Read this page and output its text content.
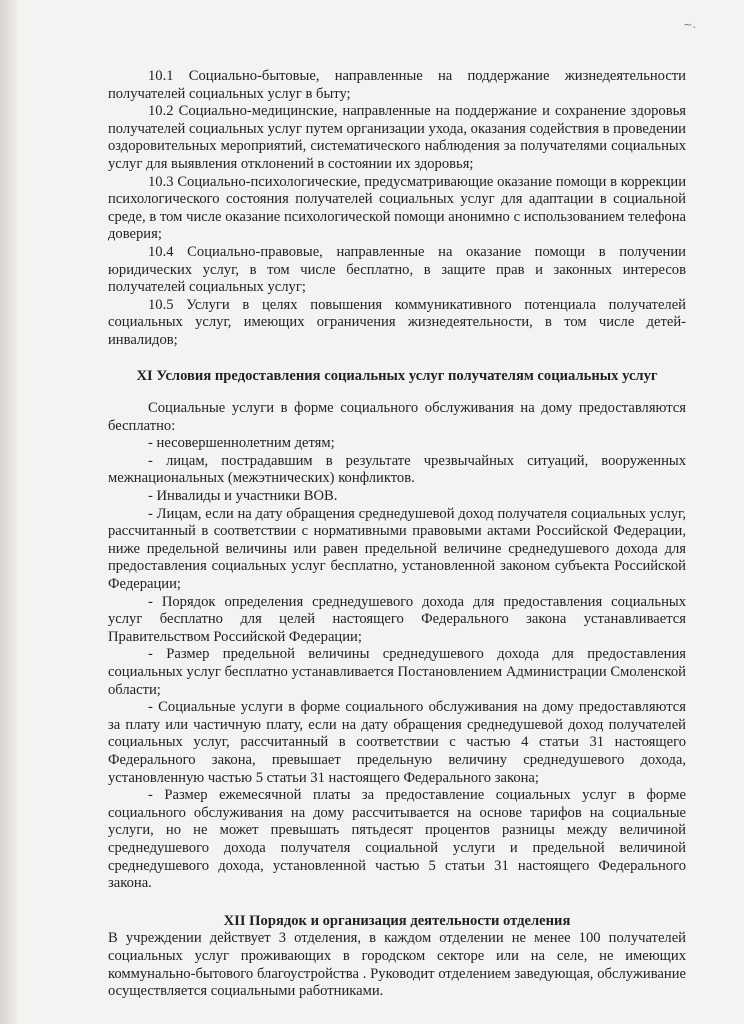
~.

10.1 Социально-бытовые, направленные на поддержание жизнедеятельности получателей социальных услуг в быту;

10.2 Социально-медицинские, направленные на поддержание и сохранение здоровья получателей социальных услуг путем организации ухода, оказания содействия в проведении оздоровительных мероприятий, систематического наблюдения за получателями социальных услуг для выявления отклонений в состоянии их здоровья;

10.3 Социально-психологические, предусматривающие оказание помощи в коррекции психологического состояния получателей социальных услуг для адаптации в социальной среде, в том числе оказание психологической помощи анонимно с использованием телефона доверия;

10.4 Социально-правовые, направленные на оказание помощи в получении юридических услуг, в том числе бесплатно, в защите прав и законных интересов получателей социальных услуг;

10.5 Услуги в целях повышения коммуникативного потенциала получателей социальных услуг, имеющих ограничения жизнедеятельности, в том числе детей-инвалидов;

XI Условия предоставления социальных услуг получателям социальных услуг

Социальные услуги в форме социального обслуживания на дому предоставляются бесплатно:

- несовершеннолетним детям;

- лицам, пострадавшим в результате чрезвычайных ситуаций, вооруженных межнациональных (межэтнических) конфликтов.

- Инвалиды и участники ВОВ.

- Лицам, если на дату обращения среднедушевой доход получателя социальных услуг, рассчитанный в соответствии с нормативными правовыми актами Российской Федерации, ниже предельной величины или равен предельной величине среднедушевого дохода для предоставления социальных услуг бесплатно, установленной законом субъекта Российской Федерации;

- Порядок определения среднедушевого дохода для предоставления социальных услуг бесплатно для целей настоящего Федерального закона устанавливается Правительством Российской Федерации;

- Размер предельной величины среднедушевого дохода для предоставления социальных услуг бесплатно устанавливается Постановлением Администрации Смоленской области;

- Социальные услуги в форме социального обслуживания на дому предоставляются за плату или частичную плату, если на дату обращения среднедушевой доход получателей социальных услуг, рассчитанный в соответствии с частью 4 статьи 31 настоящего Федерального закона, превышает предельную величину среднедушевого дохода, установленную частью 5 статьи 31 настоящего Федерального закона;

- Размер ежемесячной платы за предоставление социальных услуг в форме социального обслуживания на дому рассчитывается на основе тарифов на социальные услуги, но не может превышать пятьдесят процентов разницы между величиной среднедушевого дохода получателя социальной услуги и предельной величиной среднедушевого дохода, установленной частью 5 статьи 31 настоящего Федерального закона.

XII Порядок и организация деятельности отделения

В учреждении действует 3 отделения, в каждом отделении не менее 100 получателей социальных услуг проживающих в городском секторе или на селе, не имеющих коммунально-бытового благоустройства . Руководит отделением заведующая, обслуживание осуществляется социальными работниками.
